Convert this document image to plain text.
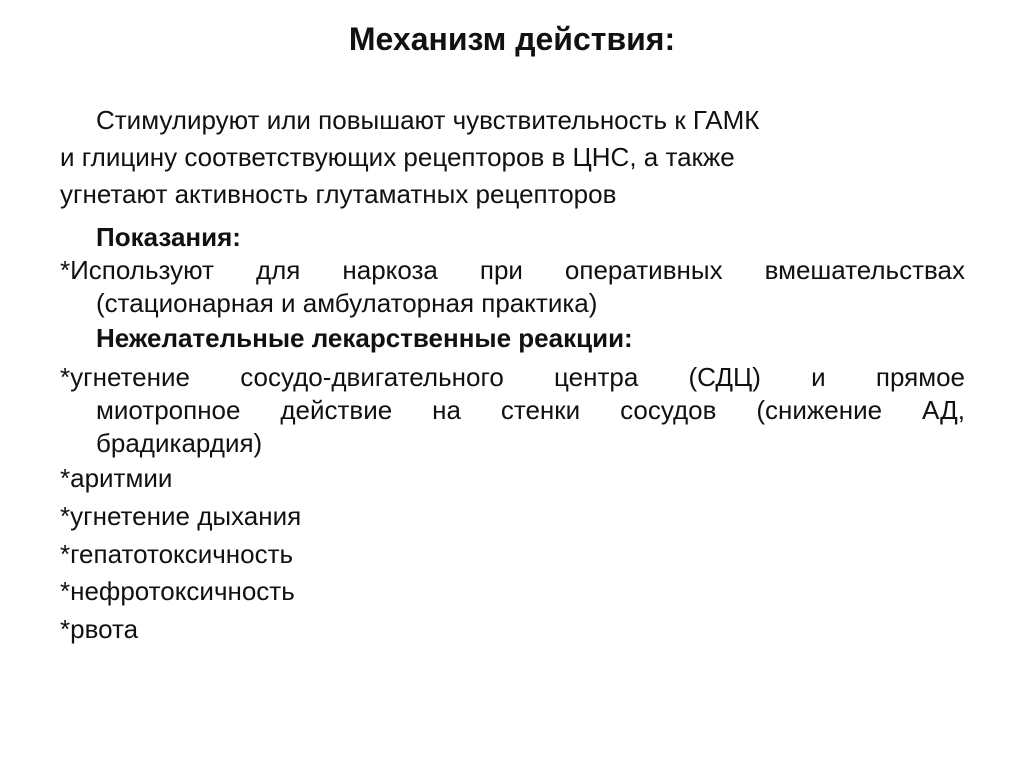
Механизм действия:
Стимулируют или повышают чувствительность к ГАМК
и глицину соответствующих рецепторов в ЦНС, а также
угнетают активность глутаматных рецепторов
Показания:
*Используют для наркоза при оперативных вмешательствах
(стационарная и амбулаторная практика)
Нежелательные лекарственные реакции:
*угнетение сосудо-двигательного центра (СДЦ) и прямое
миотропное действие на стенки сосудов (снижение АД,
брадикардия)
*аритмии
*угнетение дыхания
*гепатотоксичность
*нефротоксичность
*рвота
